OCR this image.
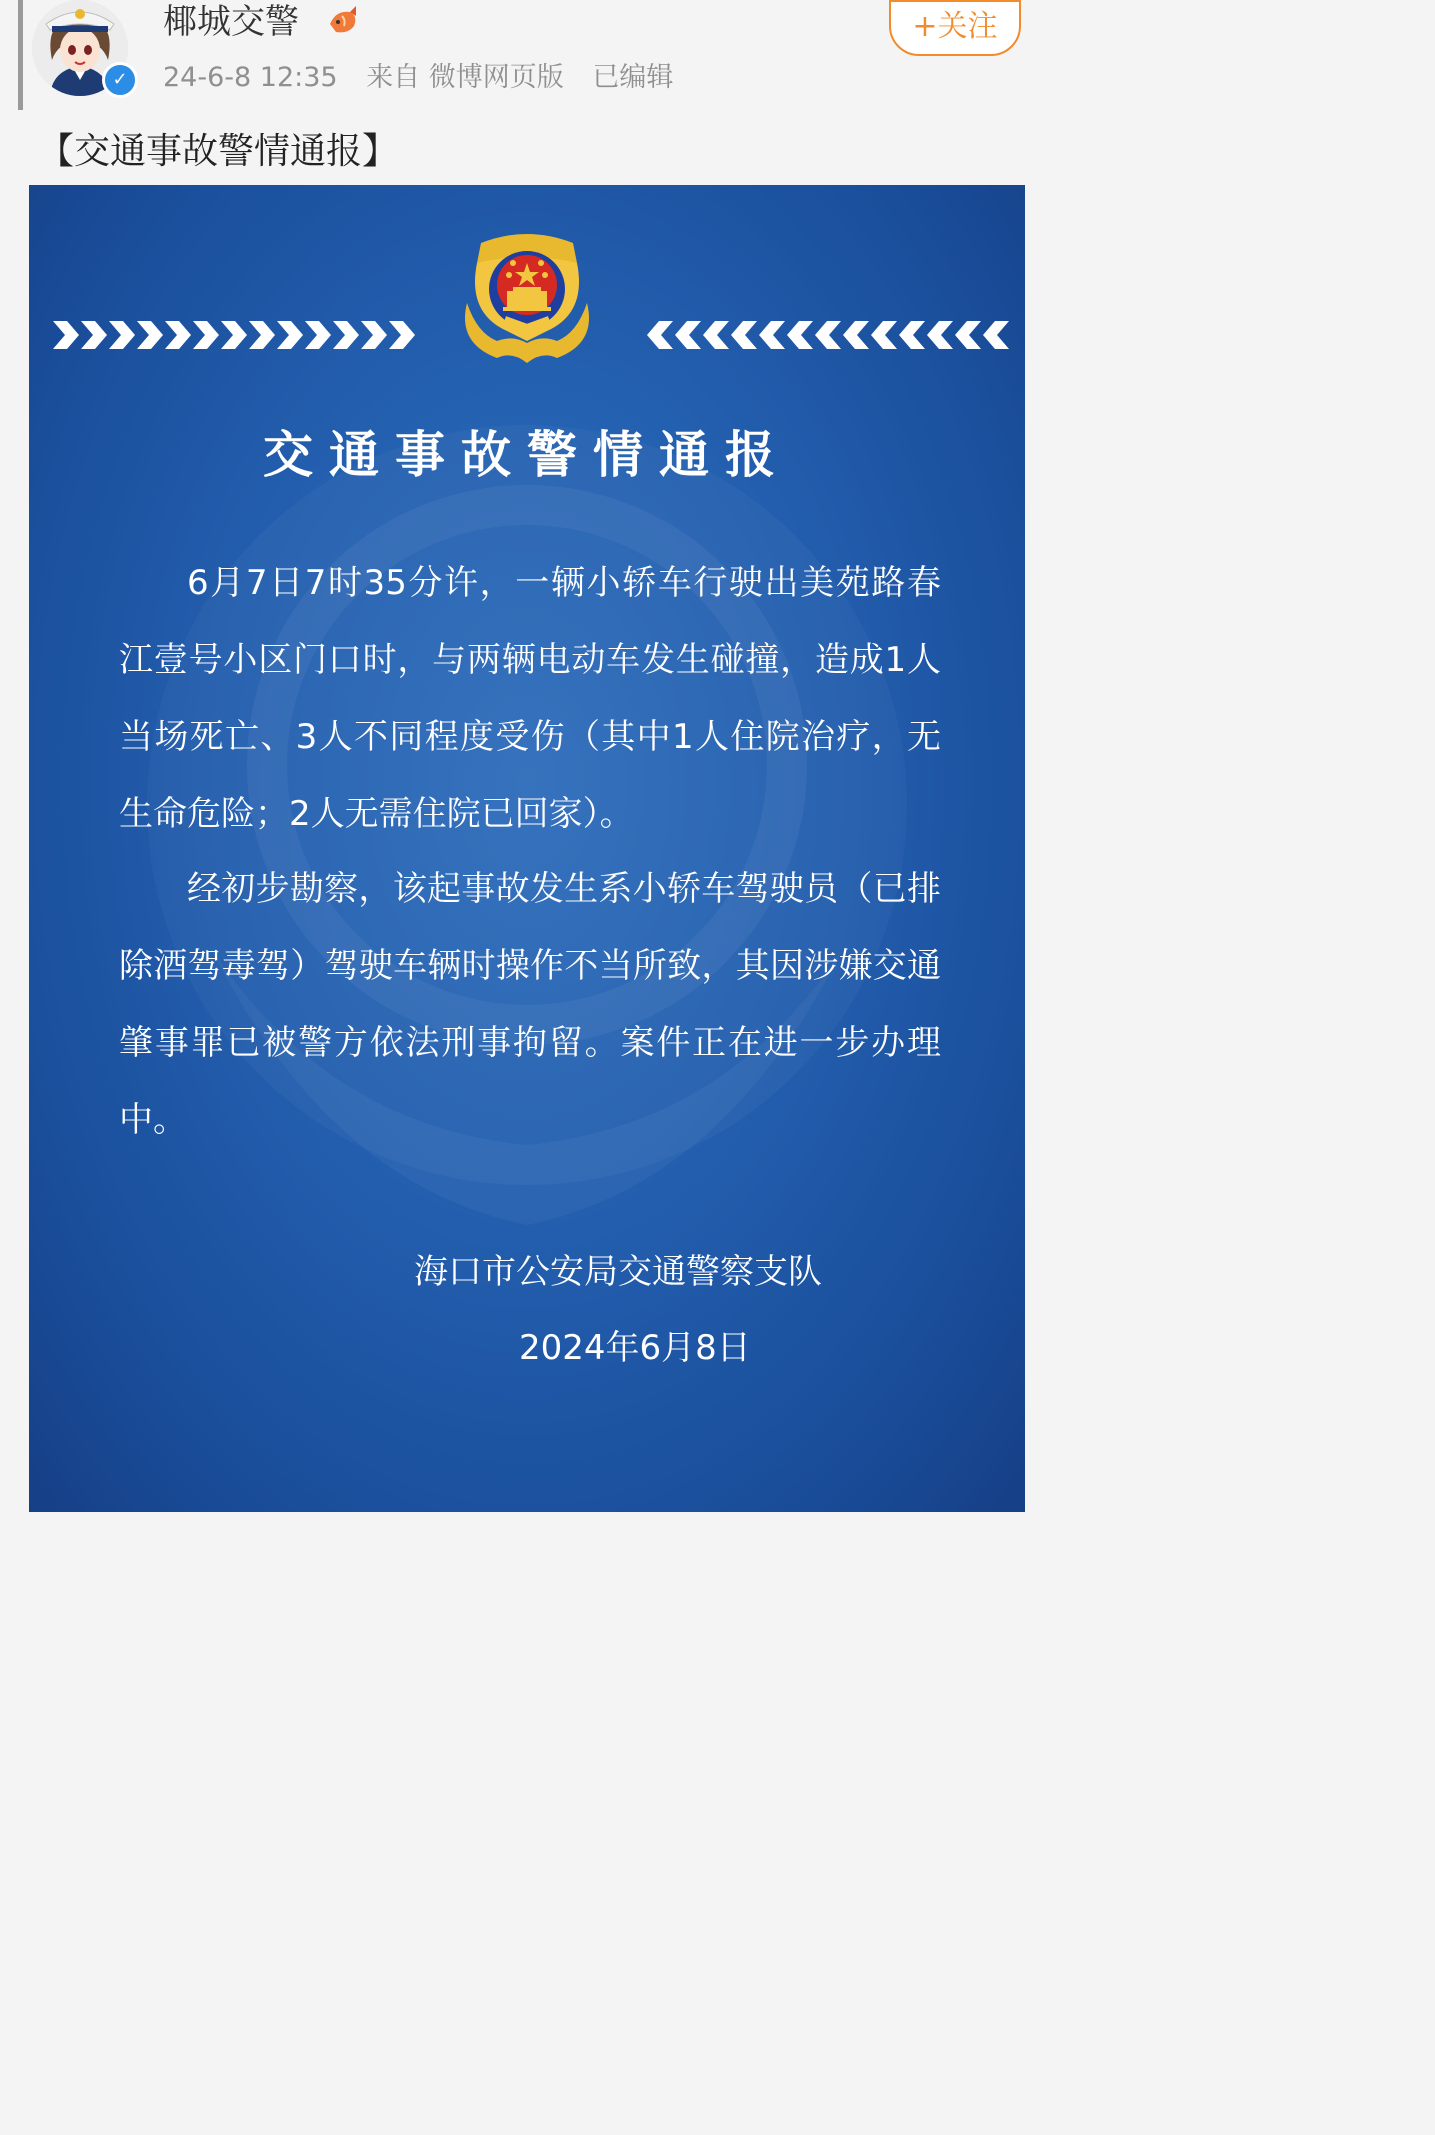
✓
椰城交警
24-6-8 12:35 来自 微博网页版 已编辑
+关注
【交通事故警情通报】
交通事故警情通报

6月7日7时35分许，一辆小轿车行驶出美苑路春江壹号小区门口时，与两辆电动车发生碰撞，造成1人当场死亡、3人不同程度受伤（其中1人住院治疗，无生命危险；2人无需住院已回家）。

经初步勘察，该起事故发生系小轿车驾驶员（已排除酒驾毒驾）驾驶车辆时操作不当所致，其因涉嫌交通肇事罪已被警方依法刑事拘留。案件正在进一步办理中。

海口市公安局交通警察支队
2024年6月8日
